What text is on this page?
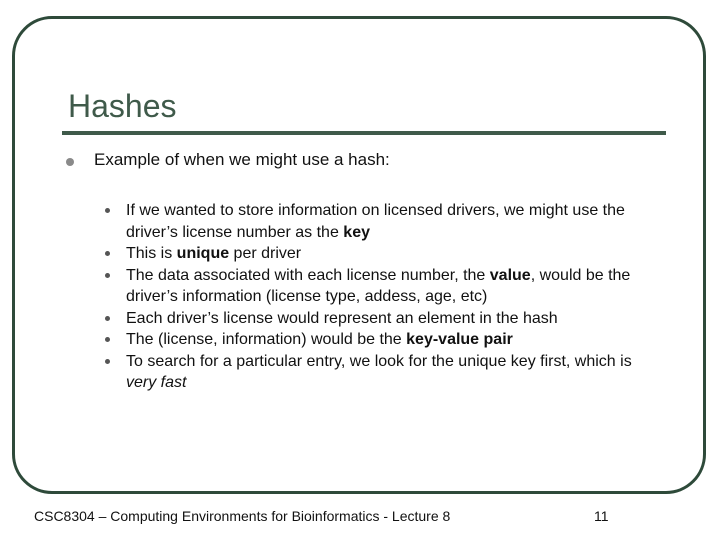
Hashes
Example of when we might use a hash:
If we wanted to store information on licensed drivers, we might use the driver’s license number as the key
This is unique per driver
The data associated with each license number, the value, would be the driver’s information (license type, addess, age, etc)
Each driver’s license would represent an element in the hash
The (license, information) would be the key-value pair
To search for a particular entry, we look for the unique key first, which is very fast
CSC8304 – Computing Environments for Bioinformatics - Lecture 8	11
